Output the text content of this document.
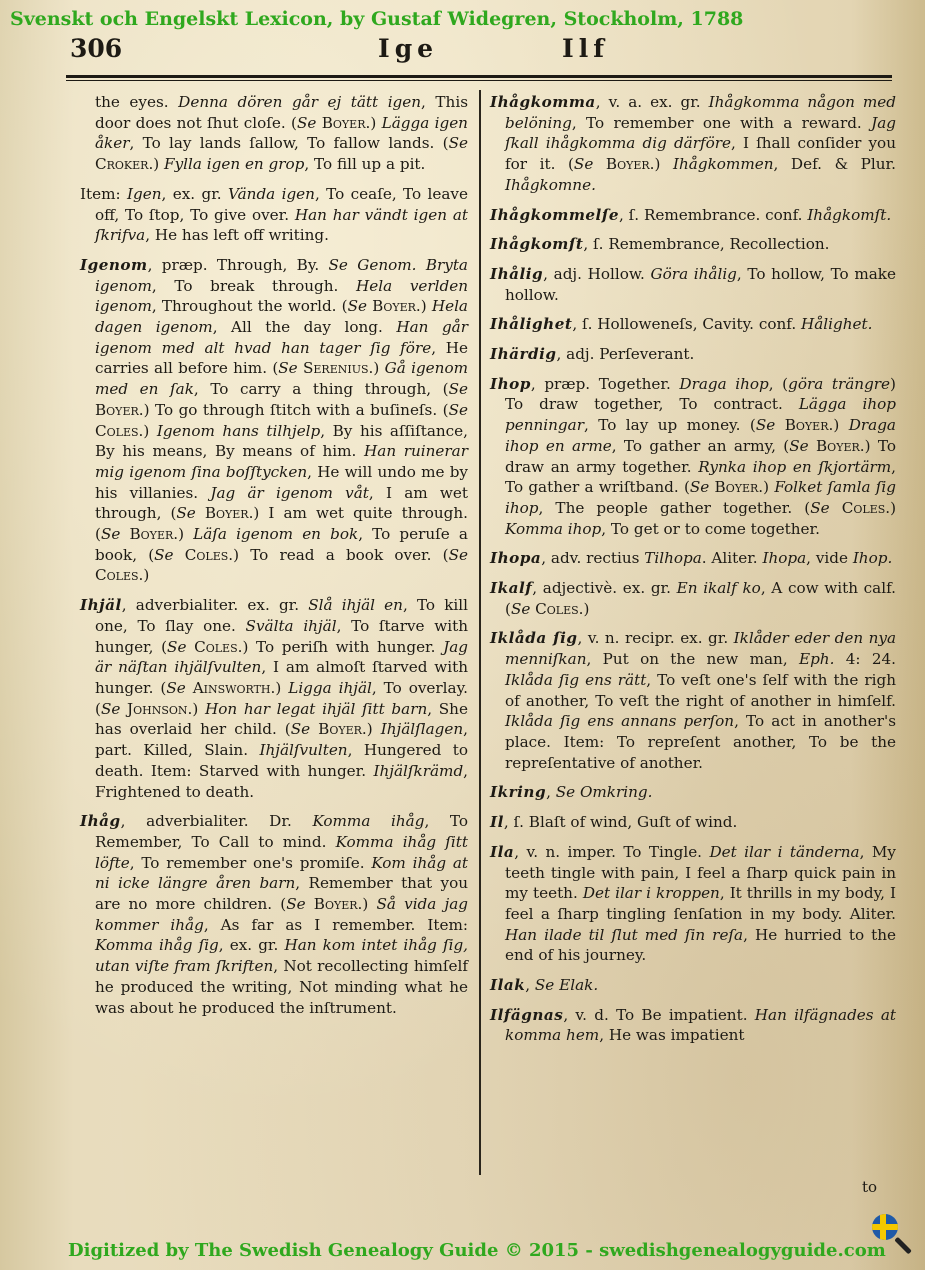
Svenskt och Engelskt Lexicon, by Gustaf Widegren, Stockholm, 1788
306	Ige	Ilf

the eyes. Denna dören går ej tätt igen, This door does not ſhut cloſe. (Se Boyer.) Lägga igen åker, To lay lands ſallow, To fallow lands. (Se Croker.) Fylla igen en grop, To fill up a pit.

Item: Igen, ex. gr. Vända igen, To ceaſe, To leave off, To ſtop, To give over. Han har vändt igen at ſkrifva, He has left off writing.

Igenom, præp. Through, By. Se Genom. Bryta igenom, To break through. Hela verlden igenom, Throughout the world. (Se Boyer.) Hela dagen igenom, All the day long. Han går igenom med alt hvad han tager ſig före, He carries all before him. (Se Serenius.) Gå igenom med en ſak, To carry a thing through, (Se Boyer.) To go through ſtitch with a buſineſs. (Se Coles.) Igenom hans tilhjelp, By his aſſiſtance, By his means, By means of him. Han ruinerar mig igenom ſina boſſtycken, He will undo me by his villanies. Jag är igenom våt, I am wet through, (Se Boyer.) I am wet quite through. (Se Boyer.) Läſa igenom en bok, To peruſe a book, (Se Coles.) To read a book over. (Se Coles.)

Ihjäl, adverbialiter. ex. gr. Slå ihjäl en, To kill one, To ſlay one. Svälta ihjäl, To ſtarve with hunger, (Se Coles.) To periſh with hunger. Jag är näſtan ihjälſvulten, I am almoſt ſtarved with hunger. (Se Ainsworth.) Ligga ihjäl, To overlay. (Se Johnson.) Hon har legat ihjäl ſitt barn, She has overlaid her child. (Se Boyer.) Ihjälſlagen, part. Killed, Slain. Ihjälſvulten, Hungered to death. Item: Starved with hunger. Ihjälſkrämd, Frightened to death.

Ihåg, adverbialiter. Dr. Komma ihåg, To Remember, To Call to mind. Komma ihåg ſitt löfte, To remember one's promiſe. Kom ihåg at ni icke längre åren barn, Remember that you are no more children. (Se Boyer.) Så vida jag kommer ihåg, As far as I remember. Item: Komma ihåg ſig, ex. gr. Han kom intet ihåg ſig, utan viſte fram ſkriften, Not recollecting himſelf he produced the writing, Not minding what he was about he produced the inſtrument.

Ihågkomma, v. a. ex. gr. Ihågkomma någon med belöning, To remember one with a reward. Jag ſkall ihågkomma dig därföre, I ſhall conſider you for it. (Se Boyer.) Ihågkommen, Def. & Plur. Ihågkomne.

Ihågkommelſe, ſ. Remembrance. conf. Ihågkomſt.

Ihågkomſt, ſ. Remembrance, Recollection.

Ihålig, adj. Hollow. Göra ihålig, To hollow, To make hollow.

Ihålighet, ſ. Holloweneſs, Cavity. conf. Hålighet.

Ihärdig, adj. Perſeverant.

Ihop, præp. Together. Draga ihop, (göra trängre) To draw together, To contract. Lägga ihop penningar, To lay up money. (Se Boyer.) Draga ihop en arme, To gather an army, (Se Boyer.) To draw an army together. Rynka ihop en ſkjortärm, To gather a wriſtband. (Se Boyer.) Folket ſamla ſig ihop, The people gather together. (Se Coles.) Komma ihop, To get or to come together.

Ihopa, adv. rectius Tilhopa. Aliter. Ihopa, vide Ihop.

Ikalf, adjectivè. ex. gr. En ikalf ko, A cow with calf. (Se Coles.)

Iklåda ſig, v. n. recipr. ex. gr. Iklåder eder den nya menniſkan, Put on the new man, Eph. 4: 24. Iklåda ſig ens rätt, To veſt one's ſelf with the righ of another, To veſt the right of another in himſelf. Iklåda ſig ens annans perſon, To act in another's place. Item: To repreſent another, To be the repreſentative of another.

Ikring, Se Omkring.

Il, ſ. Blaſt of wind, Guſt of wind.

Ila, v. n. imper. To Tingle. Det ilar i tänderna, My teeth tingle with pain, I feel a ſharp quick pain in my teeth. Det ilar i kroppen, It thrills in my body, I feel a ſharp tingling ſenſation in my body. Aliter. Han ilade til ſlut med ſin reſa, He hurried to the end of his journey.

Ilak, Se Elak.

Ilfägnas, v. d. To Be impatient. Han ilfägnades at komma hem, He was impatient

to
Digitized by The Swedish Genealogy Guide © 2015 - swedishgenealogyguide.com
